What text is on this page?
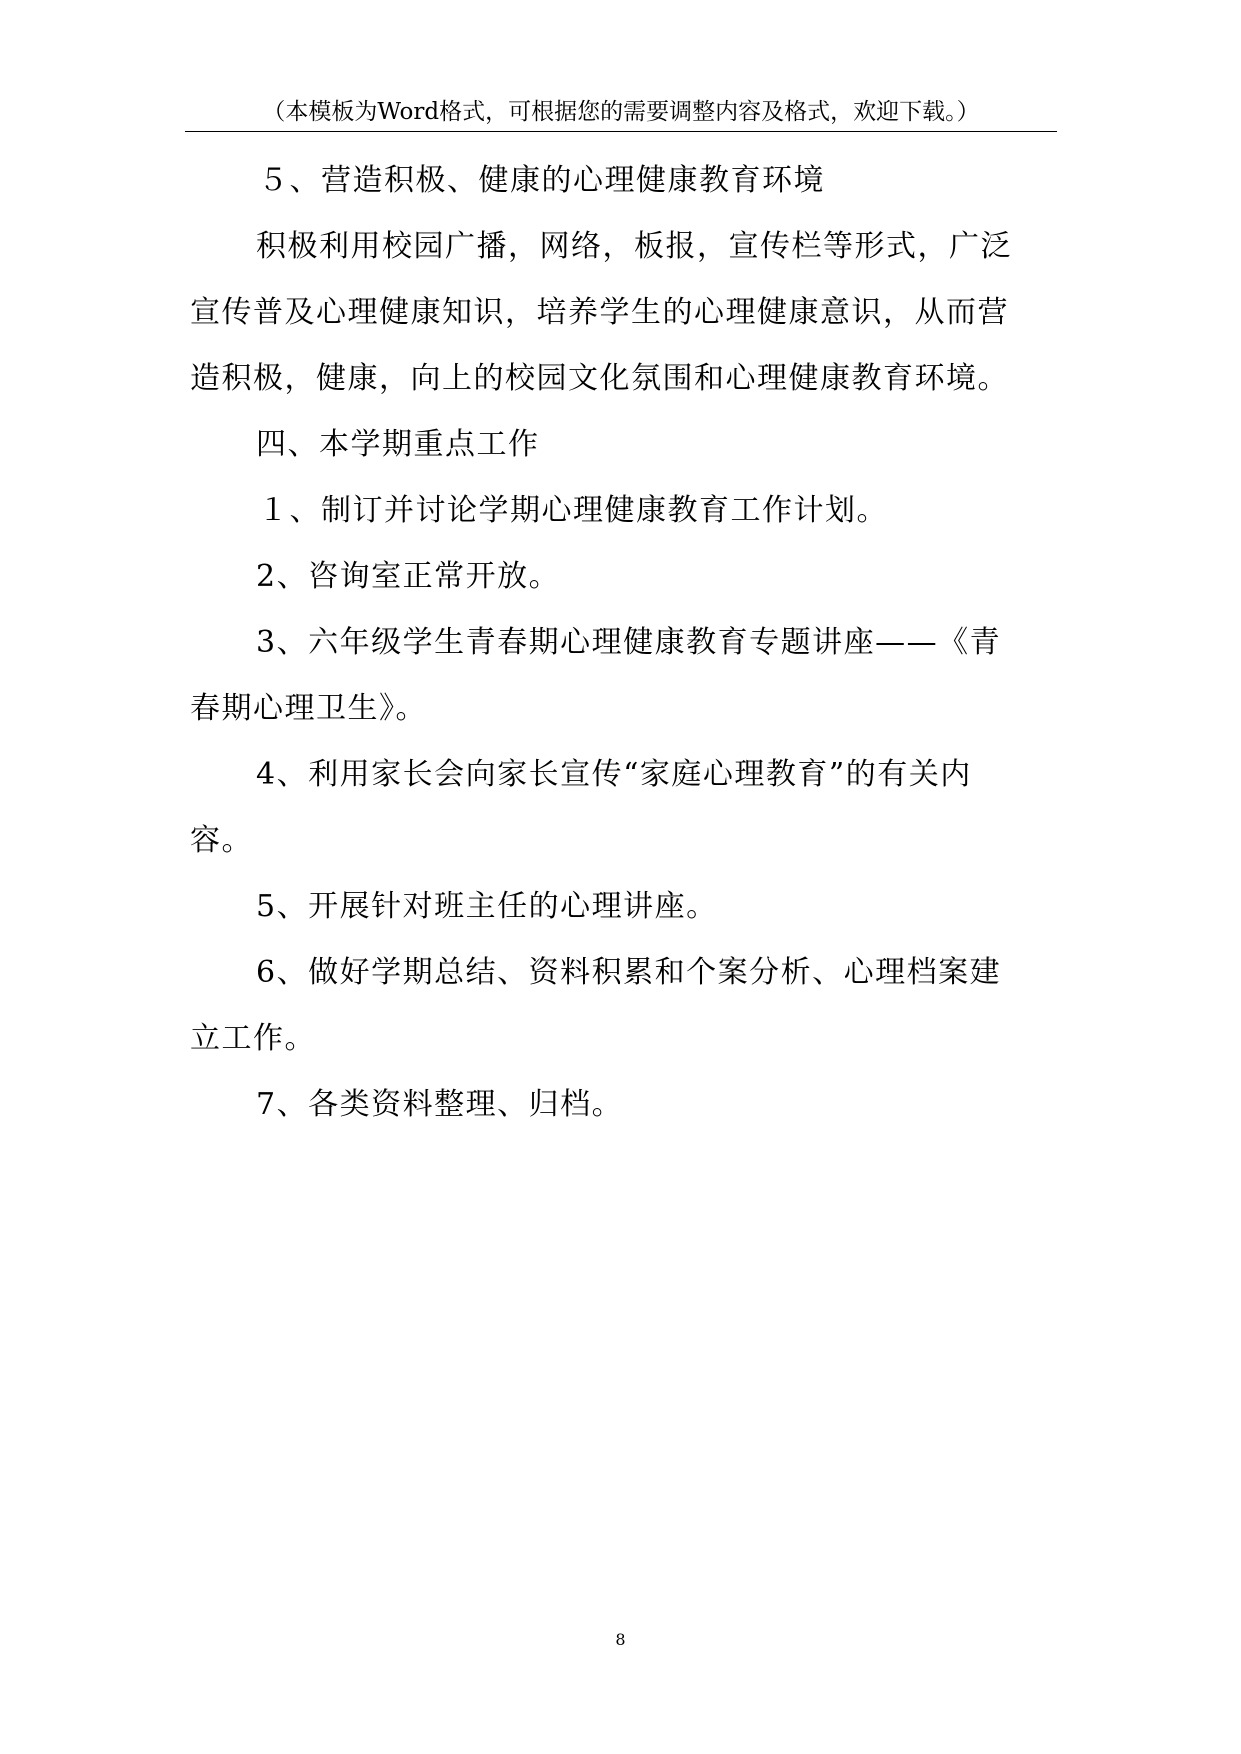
（本模板为Word格式，可根据您的需要调整内容及格式，欢迎下载。）

５、营造积极、健康的心理健康教育环境

积极利用校园广播，网络，板报，宣传栏等形式，广泛

宣传普及心理健康知识，培养学生的心理健康意识，从而营

造积极，健康，向上的校园文化氛围和心理健康教育环境。

四、本学期重点工作

１、制订并讨论学期心理健康教育工作计划。

2、咨询室正常开放。

3、六年级学生青春期心理健康教育专题讲座——《青

春期心理卫生》。

4、利用家长会向家长宣传“家庭心理教育”的有关内

容。

5、开展针对班主任的心理讲座。

6、做好学期总结、资料积累和个案分析、心理档案建

立工作。

7、各类资料整理、归档。

8
